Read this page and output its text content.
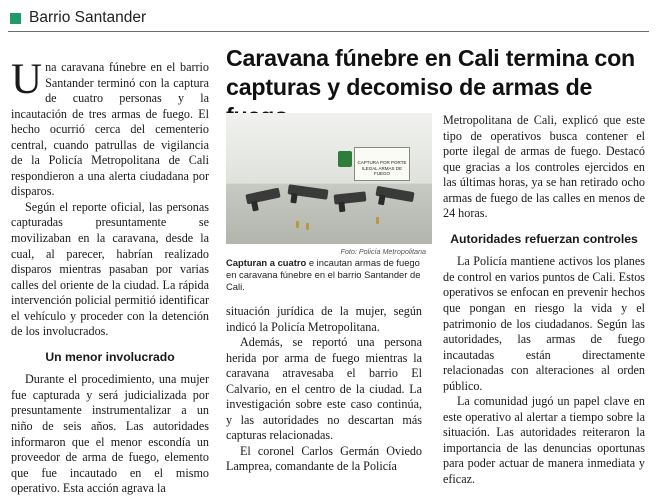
Barrio Santander
Caravana fúnebre en Cali termina con capturas y decomiso de armas de

Una caravana fúnebre en el barrio Santander terminó con la captura de cuatro personas y la incautación de tres armas de fuego. El hecho ocurrió cerca del cementerio central, cuando patrullas de vigilancia de la Policía Metropolitana de Cali respondieron a una alerta ciudadana por disparos.

Según el reporte oficial, las personas capturadas presuntamente se movilizaban en la caravana, desde la cual, al parecer, habrían realizado disparos mientras pasaban por varias calles del oriente de la ciudad. La rápida intervención policial permitió identificar el vehículo y proceder con la detención de los involucrados.

Un menor involucrado

Durante el procedimiento, una mujer fue capturada y será judicializada por presuntamente instrumentalizar a un niño de seis años. Las autoridades informaron que el menor escondía un proveedor de arma de fuego, elemento que fue incautado en el mismo operativo. Esta acción agrava la

CAPTURA POR PORTE ILEGAL ARMAS DE FUEGO
Foto: Policía Metropolitana
Capturan a cuatro e incautan armas de fuego en caravana fúnebre en el barrio Santander de Cali.

situación jurídica de la mujer, según indicó la Policía Metropolitana.

Además, se reportó una persona herida por arma de fuego mientras la caravana atravesaba el barrio El Calvario, en el centro de la ciudad. La investigación sobre este caso continúa, y las autoridades no descartan más capturas relacionadas.

El coronel Carlos Germán Oviedo Lamprea, comandante de la Policía

Metropolitana de Cali, explicó que este tipo de operativos busca contener el porte ilegal de armas de fuego. Destacó que gracias a los controles ejercidos en las últimas horas, ya se han retirado ocho armas de fuego de las calles en menos de 24 horas.

Autoridades refuerzan controles

La Policía mantiene activos los planes de control en varios puntos de Cali. Estos operativos se enfocan en prevenir hechos que pongan en riesgo la vida y el patrimonio de los ciudadanos. Según las autoridades, las armas de fuego incautadas están directamente relacionadas con alteraciones al orden público.

La comunidad jugó un papel clave en este operativo al alertar a tiempo sobre la situación. Las autoridades reiteraron la importancia de las denuncias oportunas para poder actuar de manera inmediata y eficaz.
